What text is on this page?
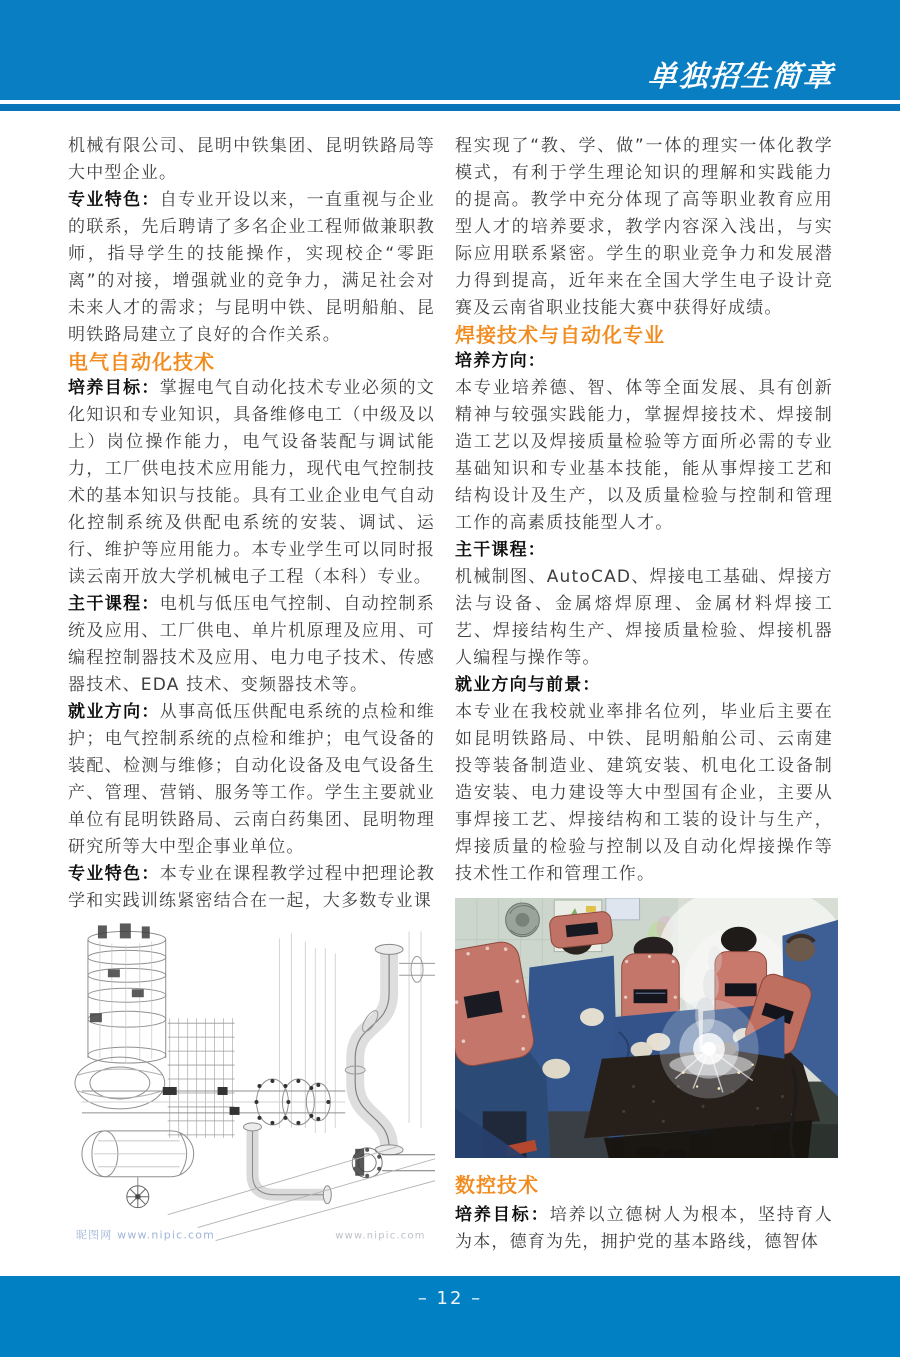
单独招生简章

机械有限公司、昆明中铁集团、昆明铁路局等大中型企业。

专业特色：自专业开设以来，一直重视与企业的联系，先后聘请了多名企业工程师做兼职教师，指导学生的技能操作，实现校企“零距离”的对接，增强就业的竞争力，满足社会对未来人才的需求；与昆明中铁、昆明船舶、昆明铁路局建立了良好的合作关系。

电气自动化技术

培养目标：掌握电气自动化技术专业必须的文化知识和专业知识，具备维修电工（中级及以上）岗位操作能力，电气设备装配与调试能力，工厂供电技术应用能力，现代电气控制技术的基本知识与技能。具有工业企业电气自动化控制系统及供配电系统的安装、调试、运行、维护等应用能力。本专业学生可以同时报读云南开放大学机械电子工程（本科）专业。

主干课程：电机与低压电气控制、自动控制系统及应用、工厂供电、单片机原理及应用、可编程控制器技术及应用、电力电子技术、传感器技术、EDA 技术、变频器技术等。

就业方向：从事高低压供配电系统的点检和维护；电气控制系统的点检和维护；电气设备的装配、检测与维修；自动化设备及电气设备生产、管理、营销、服务等工作。学生主要就业单位有昆明铁路局、云南白药集团、昆明物理研究所等大中型企事业单位。

专业特色：本专业在课程教学过程中把理论教学和实践训练紧密结合在一起，大多数专业课

昵图网 www.nipic.com	www.nipic.com

程实现了“教、学、做”一体的理实一体化教学模式，有利于学生理论知识的理解和实践能力的提高。教学中充分体现了高等职业教育应用型人才的培养要求，教学内容深入浅出，与实际应用联系紧密。学生的职业竞争力和发展潜力得到提高，近年来在全国大学生电子设计竞赛及云南省职业技能大赛中获得好成绩。

焊接技术与自动化专业

培养方向：

本专业培养德、智、体等全面发展、具有创新精神与较强实践能力，掌握焊接技术、焊接制造工艺以及焊接质量检验等方面所必需的专业基础知识和专业基本技能，能从事焊接工艺和结构设计及生产，以及质量检验与控制和管理工作的高素质技能型人才。

主干课程：

机械制图、AutoCAD、焊接电工基础、焊接方法与设备、金属熔焊原理、金属材料焊接工艺、焊接结构生产、焊接质量检验、焊接机器人编程与操作等。

就业方向与前景：

本专业在我校就业率排名位列，毕业后主要在如昆明铁路局、中铁、昆明船舶公司、云南建投等装备制造业、建筑安装、机电化工设备制造安装、电力建设等大中型国有企业，主要从事焊接工艺、焊接结构和工装的设计与生产，焊接质量的检验与控制以及自动化焊接操作等技术性工作和管理工作。

数控技术

培养目标：培养以立德树人为根本，坚持育人为本，德育为先，拥护党的基本路线，德智体

– 12 –
